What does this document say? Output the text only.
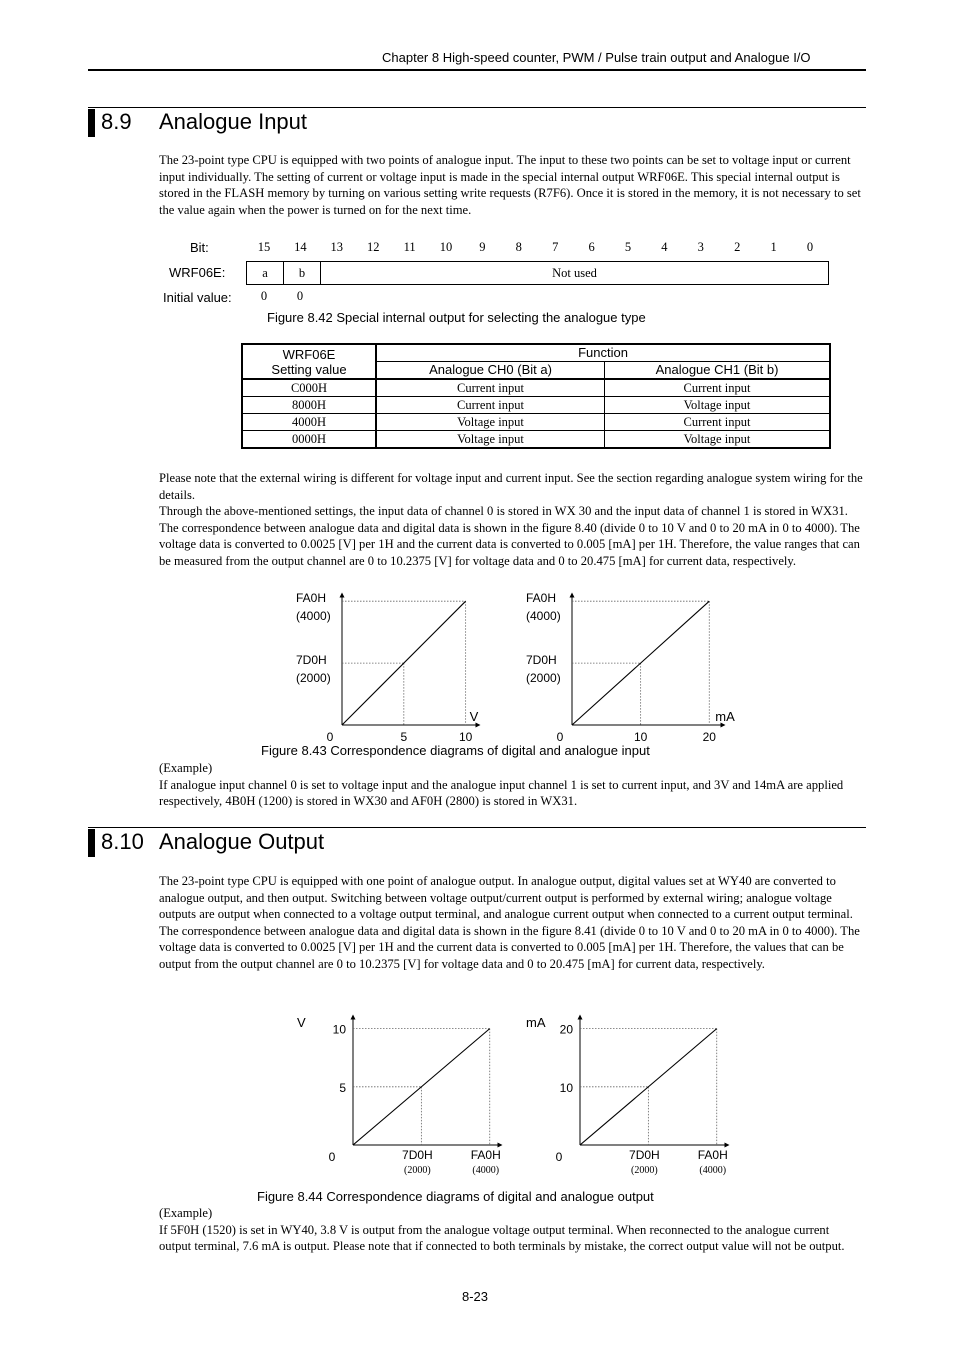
Chapter 8 High-speed counter, PWM / Pulse train output and Analogue I/O
8.9 Analogue Input
The 23-point type CPU is equipped with two points of analogue input. The input to these two points can be set to voltage input or current input individually. The setting of current or voltage input is made in the special internal output WRF06E. This special internal output is stored in the FLASH memory by turning on various setting write requests (R7F6). Once it is stored in the memory, it is not necessary to set the value again when the power is turned on for the next time.
Bit:	15	14	13	12	11	10	9	8	7	6	5	4	3	2	1	0
WRF06E:	a	b	Not used
Initial value:	0	0
Figure 8.42 Special internal output for selecting the analogue type
WRF06E
Setting value	Function	
	Analogue CH0 (Bit a)	Analogue CH1 (Bit b)
C000H	Current input	Current input
8000H	Current input	Voltage input
4000H	Voltage input	Current input
0000H	Voltage input	Voltage input

Please note that the external wiring is different for voltage input and current input. See the section regarding analogue system wiring for the details.

Through the above-mentioned settings, the input data of channel 0 is stored in WX 30 and the input data of channel 1 is stored in WX31. The correspondence between analogue data and digital data is shown in the figure 8.40 (divide 0 to 10 V and 0 to 20 mA in 0 to 4000). The voltage data is converted to 0.0025 [V] per 1H and the current data is converted to 0.005 [mA] per 1H. Therefore, the value ranges that can be measured from the output channel are 0 to 10.2375 [V] for voltage data and 0 to 20.475 [mA] for current data, respectively.

FA0H
(4000)
7D0H
(2000)
0	5	10
V
FA0H
(4000)
7D0H
(2000)
0	10	20
mA
V 10
5
0	7D0H
(2000)
FA0H
(4000)
mA 20
10
0	7D0H
(2000)
FA0H
(4000)
Figure 8.43 Correspondence diagrams of digital and analogue input

(Example)

If analogue input channel 0 is set to voltage input and the analogue input channel 1 is set to current input, and 3V and 14mA are applied respectively, 4B0H (1200) is stored in WX30 and AF0H (2800) is stored in WX31.

8.10 Analogue Output

The 23-point type CPU is equipped with one point of analogue output. In analogue output, digital values set at WY40 are converted to analogue output, and then output. Switching between voltage output/current output is performed by external wiring; analogue voltage outputs are output when connected to a voltage output terminal, and analogue current output when connected to a current output terminal.

The correspondence between analogue data and digital data is shown in the figure 8.41 (divide 0 to 10 V and 0 to 20 mA in 0 to 4000). The voltage data is converted to 0.0025 [V] per 1H and the current data is converted to 0.005 [mA] per 1H. Therefore, the values that can be output from the output channel are 0 to 10.2375 [V] for voltage data and 0 to 20.475 [mA] for current data, respectively.

Figure 8.44 Correspondence diagrams of digital and analogue output

(Example)

If 5F0H (1520) is set in WY40, 3.8 V is output from the analogue voltage output terminal. When reconnected to the analogue current output terminal, 7.6 mA is output. Please note that if connected to both terminals by mistake, the correct output value will not be output.

8-23
